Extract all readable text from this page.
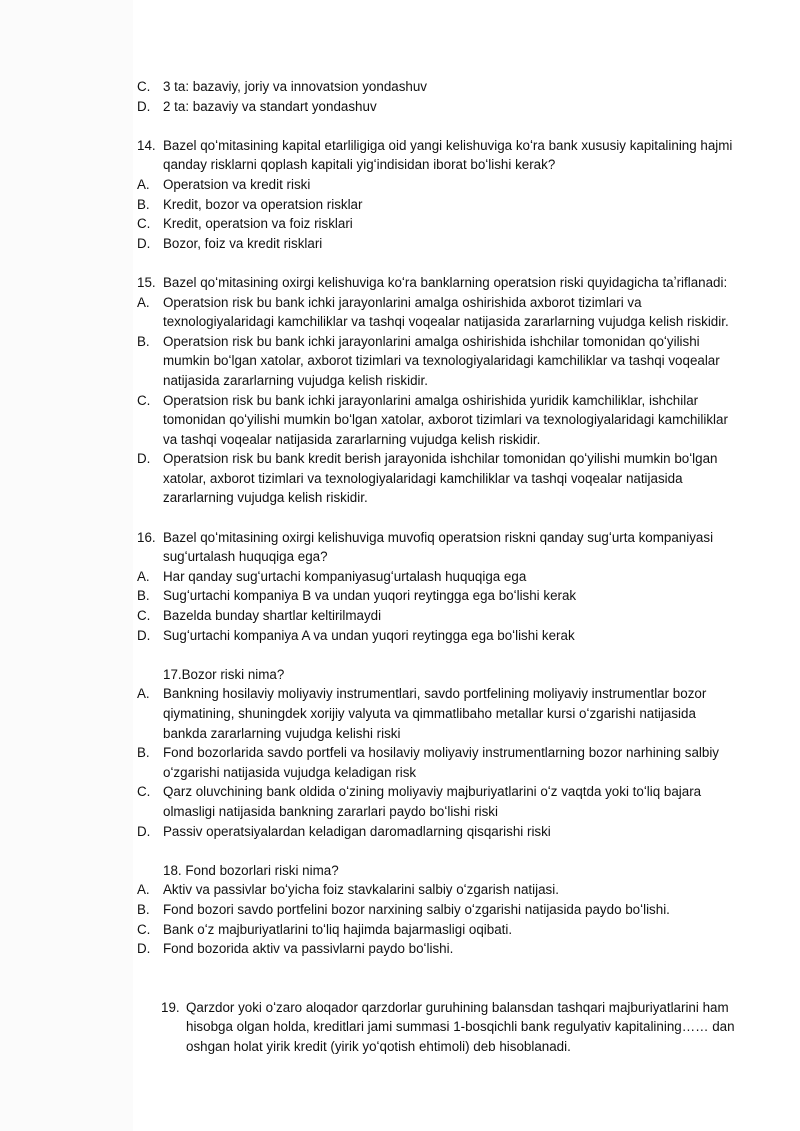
C. 3 ta: bazaviy, joriy va innovatsion yondashuv
D. 2 ta: bazaviy va standart yondashuv
14. Bazel qoʻmitasining kapital etarliligiga oid yangi kelishuviga koʻra bank xususiy kapitalining hajmi qanday risklarni qoplash kapitali yigʻindisidan iborat boʻlishi kerak?
A. Operatsion va kredit riski
B. Kredit, bozor va operatsion risklar
C. Kredit, operatsion va foiz risklari
D. Bozor, foiz va kredit risklari
15. Bazel qoʻmitasining oxirgi kelishuviga koʻra banklarning operatsion riski quyidagicha taʼriflanadi:
A. Operatsion risk bu bank ichki jarayonlarini amalga oshirishida axborot tizimlari va texnologiyalaridagi kamchiliklar va tashqi voqealar natijasida zararlarning vujudga kelish riskidir.
B. Operatsion risk bu bank ichki jarayonlarini amalga oshirishida ishchilar tomonidan qoʻyilishi mumkin boʻlgan xatolar, axborot tizimlari va texnologiyalaridagi kamchiliklar va tashqi voqealar natijasida zararlarning vujudga kelish riskidir.
C. Operatsion risk bu bank ichki jarayonlarini amalga oshirishida yuridik kamchiliklar, ishchilar tomonidan qoʻyilishi mumkin boʻlgan xatolar, axborot tizimlari va texnologiyalaridagi kamchiliklar va tashqi voqealar natijasida zararlarning vujudga kelish riskidir.
D. Operatsion risk bu bank kredit berish jarayonida ishchilar tomonidan qoʻyilishi mumkin boʻlgan xatolar, axborot tizimlari va texnologiyalaridagi kamchiliklar va tashqi voqealar natijasida zararlarning vujudga kelish riskidir.
16. Bazel qoʻmitasining oxirgi kelishuviga muvofiq operatsion riskni qanday sugʻurta kompaniyasi sugʻurtalash huquqiga ega?
A. Har qanday sugʻurtachi kompaniyasugʻurtalash huquqiga ega
B. Sugʻurtachi kompaniya B va undan yuqori reytingga ega boʻlishi kerak
C. Bazelda bunday shartlar keltirilmaydi
D. Sugʻurtachi kompaniya A va undan yuqori reytingga ega boʻlishi kerak
17.Bozor riski nima?
A. Bankning hosilaviy moliyaviy instrumentlari, savdo portfelining moliyaviy instrumentlar bozor qiymatining, shuningdek xorijiy valyuta va qimmatlibaho metallar kursi oʻzgarishi natijasida bankda zararlarning vujudga kelishi riski
B. Fond bozorlarida savdo portfeli va hosilaviy moliyaviy instrumentlarning bozor narhining salbiy oʻzgarishi natijasida vujudga keladigan risk
C. Qarz oluvchining bank oldida oʻzining moliyaviy majburiyatlarini oʻz vaqtda yoki toʻliq bajara olmasligi natijasida bankning zararlari paydo boʻlishi riski
D. Passiv operatsiyalardan keladigan daromadlarning qisqarishi riski
18. Fond bozorlari riski nima?
A. Aktiv va passivlar boʻyicha foiz stavkalarini salbiy oʻzgarish natijasi.
B. Fond bozori savdo portfelini bozor narxining salbiy oʻzgarishi natijasida paydo boʻlishi.
C. Bank oʻz majburiyatlarini toʻliq hajimda bajarmasligi oqibati.
D. Fond bozorida aktiv va passivlarni paydo boʻlishi.
19. Qarzdor yoki oʻzaro aloqador qarzdorlar guruhining balansdan tashqari majburiyatlarini ham hisobga olgan holda, kreditlari jami summasi 1-bosqichli bank regulyativ kapitalining…… dan oshgan holat yirik kredit (yirik yoʻqotish ehtimoli) deb hisoblanadi.
